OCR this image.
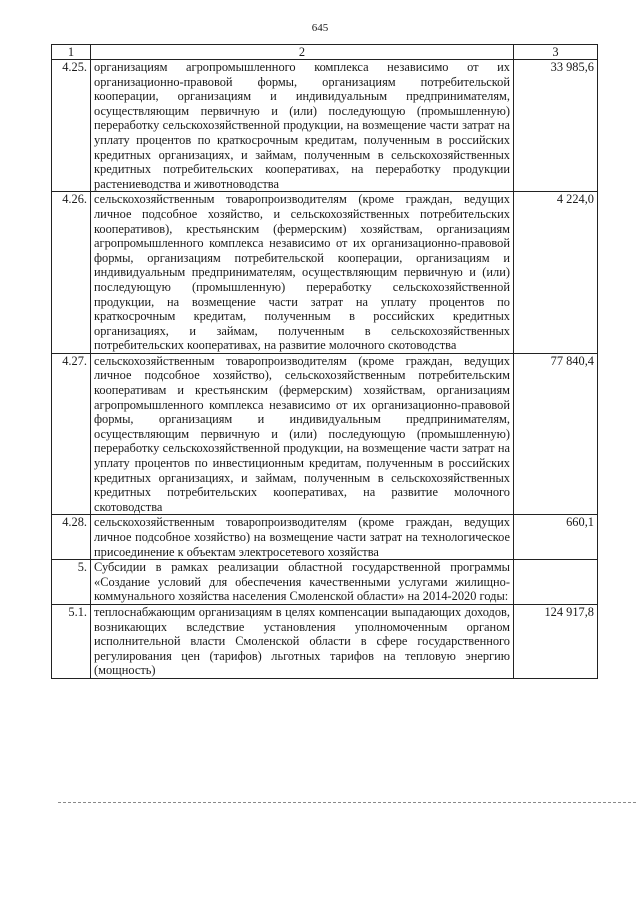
645
1	2	3
4.25.	организациям агропромышленного комплекса независимо от их организационно-правовой формы, организациям потребительской кооперации, организациям и индивидуальным предпринимателям, осуществляющим первичную и (или) последующую (промышленную) переработку сельскохозяйственной продукции, на возмещение части затрат на уплату процентов по краткосрочным кредитам, полученным в российских кредитных организациях, и займам, полученным в сельскохозяйственных кредитных потребительских кооперативах, на переработку продукции растениеводства и животноводства	33 985,6
4.26.	сельскохозяйственным товаропроизводителям (кроме граждан, ведущих личное подсобное хозяйство, и сельскохозяйственных потребительских кооперативов), крестьянским (фермерским) хозяйствам, организациям агропромышленного комплекса независимо от их организационно-правовой формы, организациям потребительской кооперации, организациям и индивидуальным предпринимателям, осуществляющим первичную и (или) последующую (промышленную) переработку сельскохозяйственной продукции, на возмещение части затрат на уплату процентов по краткосрочным кредитам, полученным в российских кредитных организациях, и займам, полученным в сельскохозяйственных потребительских кооперативах, на развитие молочного скотоводства	4 224,0
4.27.	сельскохозяйственным товаропроизводителям (кроме граждан, ведущих личное подсобное хозяйство), сельскохозяйственным потребительским кооперативам и крестьянским (фермерским) хозяйствам, организациям агропромышленного комплекса независимо от их организационно-правовой формы, организациям и индивидуальным предпринимателям, осуществляющим первичную и (или) последующую (промышленную) переработку сельскохозяйственной продукции, на возмещение части затрат на уплату процентов по инвестиционным кредитам, полученным в российских кредитных организациях, и займам, полученным в сельскохозяйственных кредитных потребительских кооперативах, на развитие молочного скотоводства	77 840,4
4.28.	сельскохозяйственным товаропроизводителям (кроме граждан, ведущих личное подсобное хозяйство) на возмещение части затрат на технологическое присоединение к объектам электросетевого хозяйства	660,1
5.	Субсидии в рамках реализации областной государственной программы «Создание условий для обеспечения качественными услугами жилищно-коммунального хозяйства населения Смоленской области» на 2014-2020 годы:	
5.1.	теплоснабжающим организациям в целях компенсации выпадающих доходов, возникающих вследствие установления уполномоченным органом исполнительной власти Смоленской области в сфере государственного регулирования цен (тарифов) льготных тарифов на тепловую энергию (мощность)	124 917,8
